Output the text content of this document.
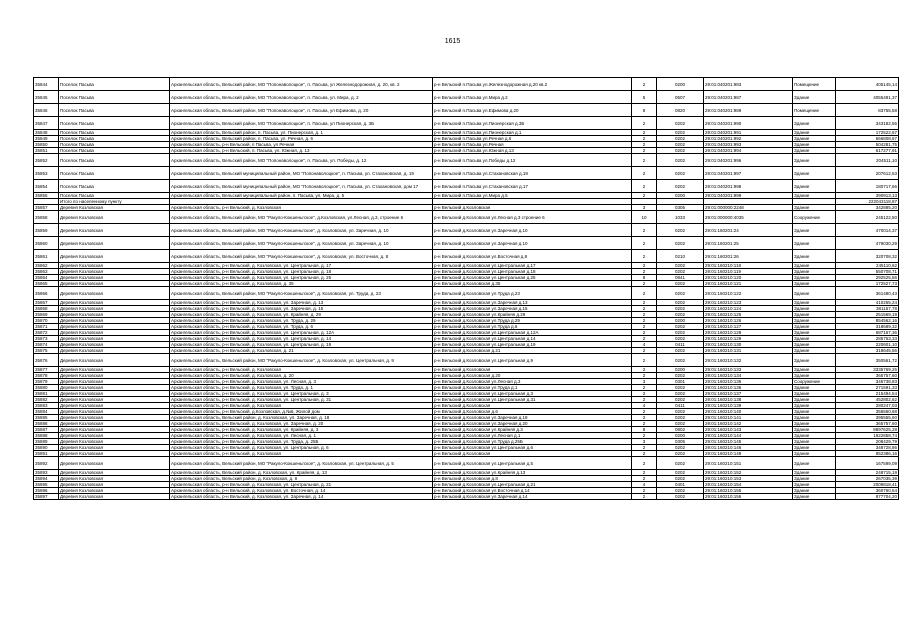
1615
35844	Поселок Пасьва	Архангельская область, Вельский район, МО "Попонаволоцкое", п. Пасьва, ул Железнодорожная, д. 20, кв. 2	р-н Вельский п.Пасьва ул.Железнодорожная д.20 кв.2	2	0200	29:01:040201:983	Помещение	405145,14
35845	Поселок Пасьва	Архангельская область, Вельский район, МО "Попонаволоцкое", п. Пасьва, ул. Мира, д. 2	р-н Вельский п.Пасьва ул.Мира д.2	5	0507	29:01:040201:987	Здание	4055481,37
35846	Поселок Пасьва	Архангельская область, Вельский район, МО "Попонаволоцкое", п. Пасьва, ул Ефимова, д. 20	р-н Вельский п.Пасьва ул.Ефимова д.20	8	0820	29:01:040201:989	Помещение	83755,58
35847	Поселок Пасьва	Архангельская область, Вельский район, МО "Попонаволоцкое", п. Пасьва, ул Пионерская, д. 3Б	р-н Вельский п.Пасьва ул.Пионерская д.3Б	2	0202	29:01:040201:990	Здание	343182,56
35848	Поселок Пасьва	Архангельская область, Вельский район, п. Пасьва, ул. Пионерская, д. 1	р-н Вельский п.Пасьва ул.Пионерская д.1	2	0202	29:01:040201:991	Здание	172522,67
35849	Поселок Пасьва	Архангельская область, Вельский район, п. Пасьва, ул. Речная, д. 6	р-н Вельский п.Пасьва ул.Речная д.6	2	0202	29:01:040201:992	Здание	666808,67
35850	Поселок Пасьва	Архангельская область, р-н Вельский, п Пасьва, ул Речная	р-н Вельский п.Пасьва ул.Речная	2	0202	29:01:040201:993	Здание	504281,75
35851	Поселок Пасьва	Архангельская область, р-н Вельский, п. Пасьва, ул. Южная, д. 13	р-н Вельский п.Пасьва ул.Южная д.13	2	0202	29:01:040201:994	Здание	617277,91
35852	Поселок Пасьва	Архангельская область, Вельский район, МО "Попонаволоцкое", п. Пасьва, ул. Победы, д. 12	р-н Вельский п.Пасьва ул.Победы д.12	2	0202	29:01:040201:996	Здание	204511,10
35853	Поселок Пасьва	Архангельская область, Вельский муниципальный район, МО "Попонаволоцкое", п. Пасьва, ул. Стахановская, д. 19	р-н Вельский п.Пасьва ул.Стахановская д.19	2	0202	29:01:040201:997	Здание	207612,53
35854	Поселок Пасьва	Архангельская область, Вельский муниципальный район, МО "Попонаволоцкое", п. Пасьва, ул. Стахановская, дом 17	р-н Вельский п.Пасьва ул.Стахановская д.17	2	0202	29:01:040201:998	Здание	180717,66
35855	Поселок Пасьва	Архангельская область, Вельский муниципальный район, п. Пасьва, ул. Мира, д. 5	р-н Вельский п.Пасьва ул.Мира д.5	2	0200	29:01:040201:999	Здание	390913,13
	Итого по населенному пункту							222043118,87
35857	Деревня Козловская	Архангельская область, р-н Вельский, д. Козловская	р-н Вельский д.Козловская	3	0305	29:01:000000:2248	Здание	342885,20
35858	Деревня Козловская	Архангельская область, Вельский район, МО "Ракуло-Кокшеньгское", д.Козловская, ул.Лесная, д.3, строение 6	р-н Вельский д.Козловская ул.Лесная д.3 строение 6	10	1033	29:01:000000:4035	Сооружение	245122,50
35859	Деревня Козловская	Архангельская область, Вельский район, МО "Ракуло-Кокшеньгское", д. Козловская, ул. Заречная, д. 10	р-н Вельский д.Козловская ул.Заречная д.10	2	0202	29:01:160201:24	Здание	470014,37
35860	Деревня Козловская	Архангельская область, Вельский район, МО "Ракуло-Кокшеньгское", д. Козловская, ул. Заречная, д. 10	р-н Вельский д.Козловская ул.Заречная д.10	2	0202	29:01:160201:25	Здание	479030,29
35861	Деревня Козловская	Архангельская область, Вельский район, МО "Ракуло-Кокшеньгское", д. Козловская, ул. Восточная, д. 8	р-н Вельский д.Козловская ул.Восточная д.8	2	0210	29:01:160201:26	Здание	320708,32
35862	Деревня Козловская	Архангельская область, р-н Вельский, д. Козловская, ул. Центральная, д. 17	р-н Вельский д.Козловская ул.Центральная д.17	2	0202	29:01:160210:118	Здание	245110,62
35863	Деревня Козловская	Архангельская область, р-н Вельский, д. Козловская, ул. Центральная, д. 18	р-н Вельский д.Козловская ул.Центральная д.18	2	0202	29:01:160210:119	Здание	550708,71
35864	Деревня Козловская	Архангельская область, р-н Вельский, д. Козловская, ул. Центральная, д. 25	р-н Вельский д.Козловская ул.Центральная д.25	8	0841	29:01:160210:120	Здание	292525,56
35865	Деревня Козловская	Архангельская область, р-н Вельский, д. Козловская, д. 35	р-н Вельский д.Козловская д.35	2	0202	29:01:160210:121	Здание	172527,73
35866	Деревня Козловская	Архангельская область, Вельский район, МО "Ракуло-Кокшеньгское", д. Козловская, ул. Труда, д. 23	р-н Вельский д.Козловская ул.Труда д.23	2	0202	29:01:160210:122	Здание	361480,43
35867	Деревня Козловская	Архангельская область, р-н Вельский, д. Козловская, ул. Заречная, д. 13	р-н Вельский д.Козловская ул.Заречная д.13	2	0202	29:01:160210:123	Здание	410255,24
35868	Деревня Козловская	Архангельская область, р-н Вельский, д. Козловская, ул. Заречная, д. 15	р-н Вельский д.Козловская ул.Заречная д.15	2	0202	29:01:160210:124	Здание	381157,78
35869	Деревня Козловская	Архангельская область, р-н Вельский, д. Козловская, ул. Крайняя, д. 29	р-н Вельский д.Козловская ул.Крайняя д.29	2	0202	29:01:160210:125	Здание	251569,19
35870	Деревня Козловская	Архангельская область, р-н Вельский, д. Козловская, ул. Труда, д. 29	р-н Вельский д.Козловская ул.Труда д.29	2	0200	29:01:160210:126	Здание	854562,16
35871	Деревня Козловская	Архангельская область, р-н Вельский, д. Козловская, ул. Труда, д. 6	р-н Вельский д.Козловская ул.Труда д.6	2	0202	29:01:160210:127	Здание	318689,32
35872	Деревня Козловская	Архангельская область, р-н Вельский, д. Козловская, ул. Центральная, д. 12А	р-н Вельский д.Козловская ул.Центральная д.12А	2	0202	29:01:160210:128	Здание	687167,36
35873	Деревня Козловская	Архангельская область, р-н Вельский, д. Козловская, ул. Центральная, д. 14	р-н Вельский д.Козловская ул.Центральная д.14	2	0202	29:01:160210:129	Здание	285753,33
35874	Деревня Козловская	Архангельская область, р-н Вельский, д. Козловская, ул. Центральная, д. 19	р-н Вельский д.Козловская ул.Центральная д.19	4	0411	29:01:160210:130	Здание	220601,10
35875	Деревня Козловская	Архангельская область, р-н Вельский, д. Козловская, д. 21	р-н Вельский д.Козловская д.21	2	0202	29:01:160210:131	Здание	318645,56
35876	Деревня Козловская	Архангельская область, Вельский район, МО "Ракуло-Кокшеньгское", д. Козловская, ул. Центральная, д. 9	р-н Вельский д.Козловская ул.Центральная д.9	2	0202	29:01:160210:132	Здание	350561,72
35877	Деревня Козловская	Архангельская область, р-н Вельский, д. Козловская	р-н Вельский д.Козловская	2	0200	29:01:160210:133	Здание	3335769,26
35878	Деревня Козловская	Архангельская область, р-н Вельский, д. Козловская, д. 20	р-н Вельский д.Козловская д.20	2	0202	29:01:160210:134	Здание	365757,60
35879	Деревня Козловская	Архангельская область, р-н Вельский, д. Козловская, ул. Лесная, д. 3	р-н Вельский д.Козловская ул.Лесная д.3	3	0301	29:01:160210:136	Сооружение	346738,83
35880	Деревня Козловская	Архангельская область, р-н Вельский, д. Козловская, ул. Труда, д. 1	р-н Вельский д.Козловская ул.Труда д.1	2	0202	29:01:160210:136	Здание	271591,33
35881	Деревня Козловская	Архангельская область, р-н Вельский, д. Козловская, ул. Центральная, д. 3	р-н Вельский д.Козловская ул.Центральная д.3	2	0202	29:01:160210:137	Здание	215494,54
35882	Деревня Козловская	Архангельская область, р-н Вельский, д. Козловская, ул. Центральная, д. 31	р-н Вельский д.Козловская ул.Центральная д.31	2	0202	29:01:160210:138	Здание	452802,62
35883	Деревня Козловская	Архангельская область, р-н Вельский, д. Козловская	р-н Вельский д.Козловская	4	0411	29:01:160210:139	Здание	280247,03
35884	Деревня Козловская	Архангельская область, р-н Вельский, д.Козловская, д.№6, Жилой дом	р-н Вельский д.Козловская д.6	2	0202	29:01:160210:140	Здание	356560,68
35885	Деревня Козловская	Архангельская область, Вельский район, д. Козловская, ул. Заречная, д. 18	р-н Вельский д.Козловская ул.Заречная д.18	2	0202	29:01:160210:141	Здание	395555,60
35886	Деревня Козловская	Архангельская область, р-н Вельский, д. Козловская, ул. Заречная, д. 20	р-н Вельский д.Козловская ул.Заречная д.20	2	0202	29:01:160210:142	Здание	365757,60
35887	Деревня Козловская	Архангельская область, р-н Вельский, д. Козловская, ул. Крайняя, д. 3	р-н Вельский д.Козловская ул.Крайняя д.3	8	0802	29:01:160210:143	Здание	8897625,28
35888	Деревня Козловская	Архангельская область, р-н Вельский, д. Козловская, ул. Лесная, д. 1	р-н Вельский д.Козловская ул.Лесная д.1	2	0200	29:01:160210:144	Здание	1822858,74
35889	Деревня Козловская	Архангельская область, р-н Вельский, д. Козловская, ул. Труда, д. 25Б	р-н Вельский д.Козловская ул.Труда д.25Б	3	0305	29:01:160210:145	Здание	208429,79
35890	Деревня Козловская	Архангельская область, р-н Вельский, д. Козловская, ул. Центральная, д. 6	р-н Вельский д.Козловская ул.Центральная д.6	2	0202	29:01:160210:146	Здание	348728,86
35891	Деревня Козловская	Архангельская область, р-н Вельский, д. Козловская	р-н Вельский д.Козловская	2	0202	29:01:160210:149	Здание	852386,16
35892	Деревня Козловская	Архангельская область, Вельский район, МО "Ракуло-Кокшеньгское", д. Козловская, ул. Центральная, д. 5	р-н Вельский д.Козловская ул.Центральная д.5	2	0202	29:01:160210:151	Здание	167599,09
35893	Деревня Козловская	Архангельская область, Вельский район, д. Козловская, ул. Крайняя, д. 13	р-н Вельский д.Козловская ул.Крайняя д.13	2	0202	29:01:160210:152	Здание	248715,19
35894	Деревня Козловская	Архангельская область, Вельский район, д. Козловская, д. 8	р-н Вельский д.Козловская д.8	2	0202	29:01:160210:153	Здание	267035,39
35895	Деревня Козловская	Архангельская область, р-н Вельский, д. Козловская, ул. Центральная, д. 21	р-н Вельский д.Козловская ул.Центральная д.21	4	0401	29:01:160210:154	Здание	2009818,41
35896	Деревня Козловская	Архангельская область, р-н Вельский, д. Козловская, ул. Восточная, д. 14	р-н Вельский д.Козловская ул.Восточная д.14	2	0202	29:01:160210:155	Здание	360760,54
35897	Деревня Козловская	Архангельская область, р-н Вельский, д. Козловская, ул. Заречная, д. 14	р-н Вельский д.Козловская ул.Заречная д.14	2	0202	29:01:160210:156	Здание	877704,20
